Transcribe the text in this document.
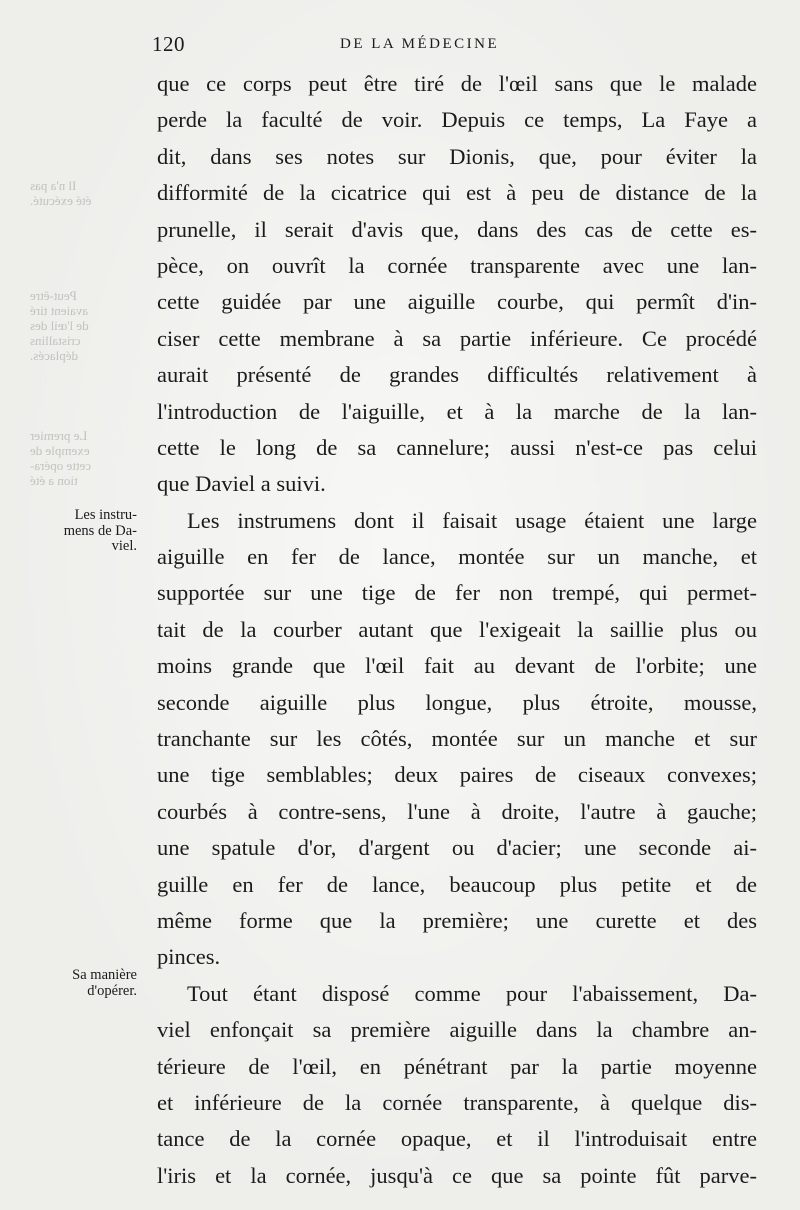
Il n'a pas
été exécuté.
Peut-être
avaient tiré
de l'œil des
cristallins
déplacés.
Le premier
exemple de
cette opéra-
tion a été
120	DE LA MÉDECINE
Les instru-
mens de Da-
viel.
Sa manière
d'opérer.
que ce corps peut être tiré de l'œil sans que le malade
perde la faculté de voir. Depuis ce temps, La Faye a
dit, dans ses notes sur Dionis, que, pour éviter la
difformité de la cicatrice qui est à peu de distance de la
prunelle, il serait d'avis que, dans des cas de cette es-
pèce, on ouvrît la cornée transparente avec une lan-
cette guidée par une aiguille courbe, qui permît d'in-
ciser cette membrane à sa partie inférieure. Ce procédé
aurait présenté de grandes difficultés relativement à
l'introduction de l'aiguille, et à la marche de la lan-
cette le long de sa cannelure; aussi n'est-ce pas celui
que Daviel a suivi.
Les instrumens dont il faisait usage étaient une large
aiguille en fer de lance, montée sur un manche, et
supportée sur une tige de fer non trempé, qui permet-
tait de la courber autant que l'exigeait la saillie plus ou
moins grande que l'œil fait au devant de l'orbite; une
seconde aiguille plus longue, plus étroite, mousse,
tranchante sur les côtés, montée sur un manche et sur
une tige semblables; deux paires de ciseaux convexes;
courbés à contre-sens, l'une à droite, l'autre à gauche;
une spatule d'or, d'argent ou d'acier; une seconde ai-
guille en fer de lance, beaucoup plus petite et de
même forme que la première; une curette et des
pinces.
Tout étant disposé comme pour l'abaissement, Da-
viel enfonçait sa première aiguille dans la chambre an-
térieure de l'œil, en pénétrant par la partie moyenne
et inférieure de la cornée transparente, à quelque dis-
tance de la cornée opaque, et il l'introduisait entre
l'iris et la cornée, jusqu'à ce que sa pointe fût parve-
